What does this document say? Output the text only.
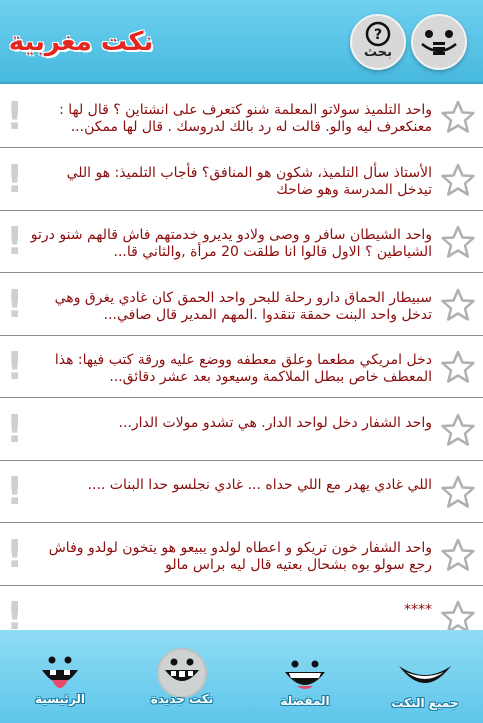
نكت مغربية	?
بحث
!	واحد التلميذ سولاتو المعلمة شنو كتعرف على انشتاين ؟ قال لها : معنكعرف ليه والو. قالت له رد بالك لدروسك . قال لها ممكن...
!	الأستاذ سأل التلميذ، شكون هو المنافق؟ فأجاب التلميذ: هو اللي تيدخل المدرسة وهو ضاحك
! واحد الشيطان سافر و وصى ولادو يديرو خدمتهم فاش قالهم شنو درتو الشياطين ؟ الاول قالوا انا طلقت 20 مرأة ,والثاني قا...
!	سبيطار الحماق دارو رحلة للبحر واحد الحمق كان غادي يغرق وهي تدخل واحد البنت حمقة تنقدوا .المهم المدير قال صافي...
!	دخل امريكي مطعما وعلق معطفه ووضع عليه ورقة كتب فيها: هذا المعطف خاص ببطل الملاكمة وسيعود بعد عشر دقائق...
!	واحد الشفار دخل لواحد الدار. هي تشدو مولات الدار...
!	اللي غادي يهدر مع اللي حداه ... غادي نجلسو حدا البنات ....
!	واحد الشفار خون تريكو و اعطاه لولدو يبيعو هو يتخون لولدو وفاش رجع سولو بوه بشحال بعتيه قال ليه براس مالو
!	****
الرئيسية	نكت جديدة	المفضلة	جميع النكت
